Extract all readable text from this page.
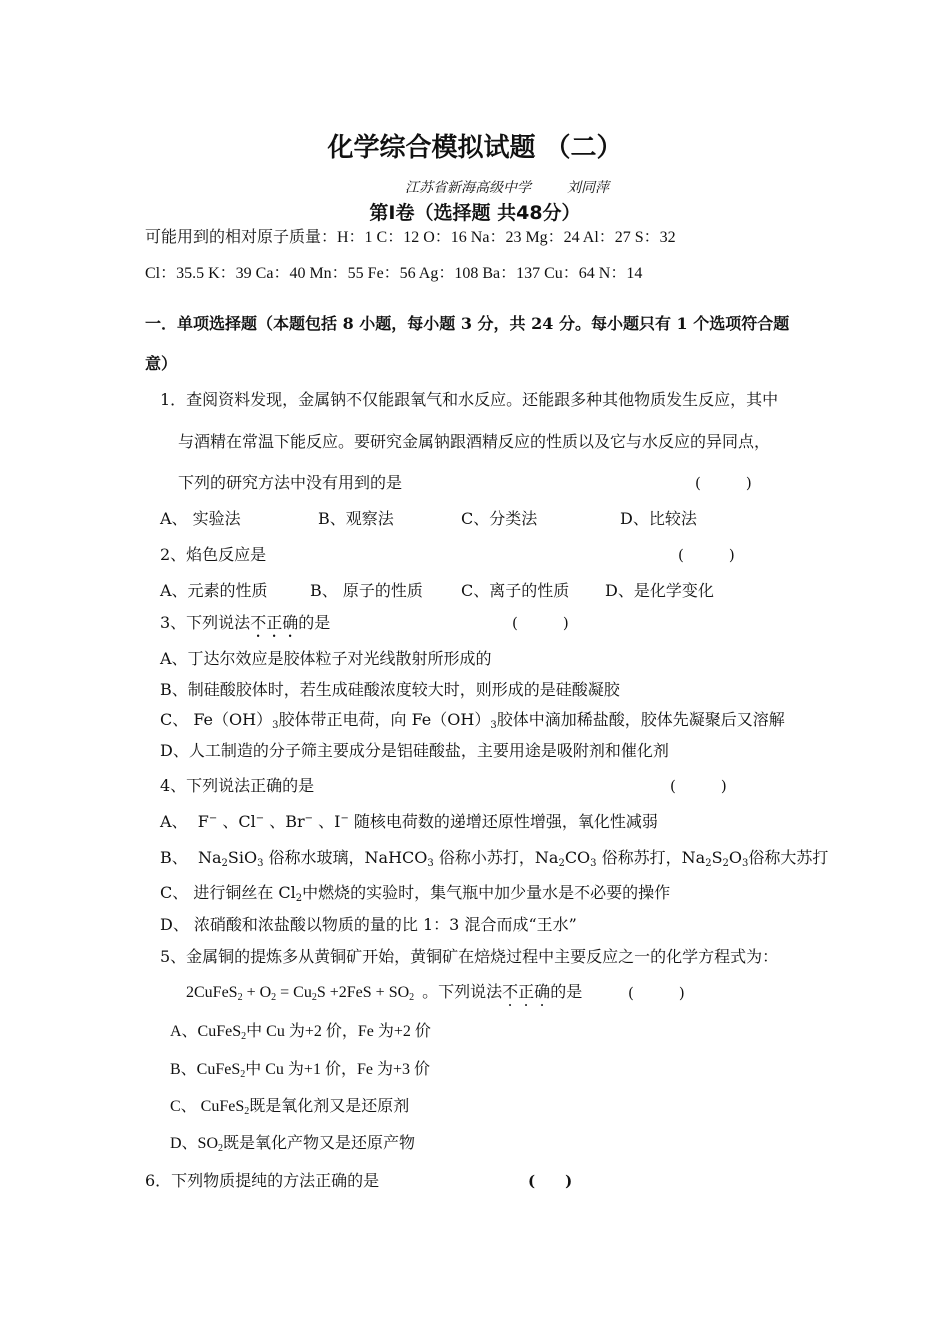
化学综合模拟试题 （二）
江苏省新海高级中学	刘同萍
第Ⅰ卷（选择题 共48分）
可能用到的相对原子质量：H：1 C：12 O：16 Na：23 Mg：24 Al：27 S：32
Cl：35.5 K：39 Ca：40 Mn：55 Fe：56 Ag：108 Ba：137 Cu：64 N：14
一．单项选择题（本题包括 8 小题，每小题 3 分，共 24 分。每小题只有 1 个选项符合题
意）
1．查阅资料发现，金属钠不仅能跟氧气和水反应。还能跟多种其他物质发生反应，其中
与酒精在常温下能反应。要研究金属钠跟酒精反应的性质以及它与水反应的异同点，
下列的研究方法中没有用到的是	(　　　)
A、 实验法	B、观察法	C、分类法	D、比较法
2、焰色反应是	(　　　)
A、元素的性质	B、 原子的性质 C、离子的性质 D、是化学变化
3、下列说法不正确的是	(　　　)
A、丁达尔效应是胶体粒子对光线散射所形成的
B、制硅酸胶体时，若生成硅酸浓度较大时，则形成的是硅酸凝胶
C、 $Fe(OH)_3$胶体带正电荷，向 $Fe(OH)_3$胶体中滴加稀盐酸，胶体先凝聚后又溶解
D、人工制造的分子筛主要成分是铝硅酸盐，主要用途是吸附剂和催化剂
4、下列说法正确的是	(　　　)
A、 F− 、Cl− 、Br− 、I− 随核电荷数的递增还原性增强，氧化性减弱
B、 $Na_2SiO_3$ 俗称水玻璃，NaHCO$_3$ 俗称小苏打，$Na_2CO_3$ 俗称苏打，$Na_2S_2O_3$俗称大苏打
C、 进行铜丝在 $Cl_2$中燃烧的实验时，集气瓶中加少量水是不必要的操作
D、 浓硝酸和浓盐酸以物质的量的比 1：3 混合而成“王水”
5、金属铜的提炼多从黄铜矿开始，黄铜矿在焙烧过程中主要反应之一的化学方程式为：
2CuFeS$_2$ + $O_2 = Cu_2S +2FeS + SO_2$ 。下列说法不正确的是	(　　　)
A、CuFeS$_2$中 Cu 为+2 价，Fe 为+2 价
B、CuFeS$_2$中 Cu 为+1 价，Fe 为+3 价
C、 CuFeS$_2$既是氧化剂又是还原剂
D、$SO_2$既是氧化产物又是还原产物
6．下列物质提纯的方法正确的是	(　　)
